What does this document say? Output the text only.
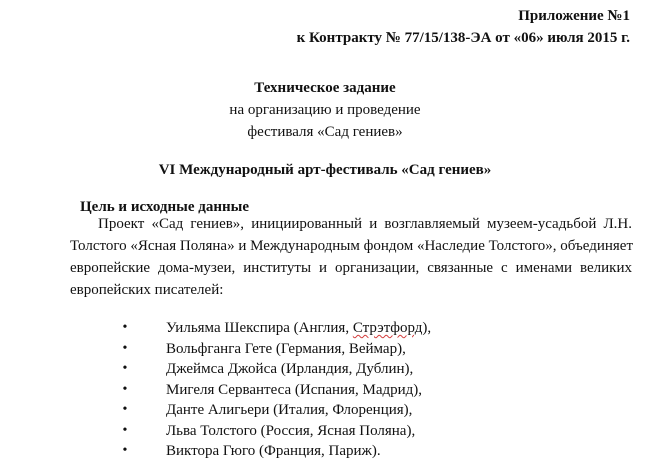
Приложение №1
к Контракту № 77/15/138-ЭА от «06» июля 2015 г.
Техническое задание
на организацию и проведение
фестиваля «Сад гениев»
VI Международный арт-фестиваль «Сад гениев»
Цель и исходные данные
Проект «Сад гениев», инициированный и возглавляемый музеем-усадьбой Л.Н.
Толстого «Ясная Поляна» и Международным фондом «Наследие Толстого», объединяет
европейские дома-музеи, институты и организации, связанные с именами великих
европейских писателей:
•	Уильяма Шекспира (Англия, Стрэтфорд),
•	Вольфганга Гете (Германия, Веймар),
•	Джеймса Джойса (Ирландия, Дублин),
•	Мигеля Сервантеса (Испания, Мадрид),
•	Данте Алигьери (Италия, Флоренция),
•	Льва Толстого (Россия, Ясная Поляна),
•	Виктора Гюго (Франция, Париж).
